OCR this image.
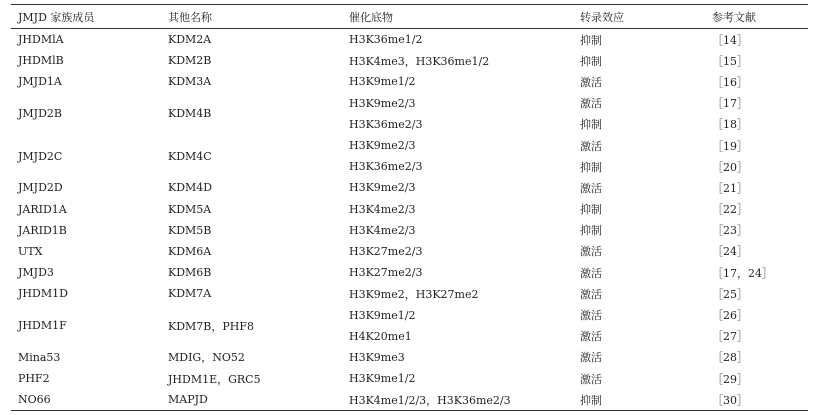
JMJD 家族成员	其他名称	催化底物	转录效应	参考文献
JHDMlA	KDM2A	H3K36me1/2	抑制	［14］
JHDMlB	KDM2B	H3K4me3，H3K36me1/2	抑制	［15］
JMJD1A	KDM3A	H3K9me1/2	激活	［16］
JMJD2B	KDM4B	H3K9me2/3	激活	［17］
		H3K36me2/3	抑制	［18］
JMJD2C	KDM4C	H3K9me2/3	激活	［19］
		H3K36me2/3	抑制	［20］
JMJD2D	KDM4D	H3K9me2/3	激活	［21］
JARID1A	KDM5A	H3K4me2/3	抑制	［22］
JARID1B	KDM5B	H3K4me2/3	抑制	［23］
UTX	KDM6A	H3K27me2/3	激活	［24］
JMJD3	KDM6B	H3K27me2/3	激活	［17，24］
JHDM1D	KDM7A	H3K9me2，H3K27me2	激活	［25］
JHDM1F	KDM7B，PHF8	H3K9me1/2	激活	［26］
		H4K20me1	激活	［27］
Mina53	MDIG，NO52	H3K9me3	激活	［28］
PHF2	JHDM1E，GRC5	H3K9me1/2	激活	［29］
NO66	MAPJD	H3K4me1/2/3，H3K36me2/3	抑制	［30］
